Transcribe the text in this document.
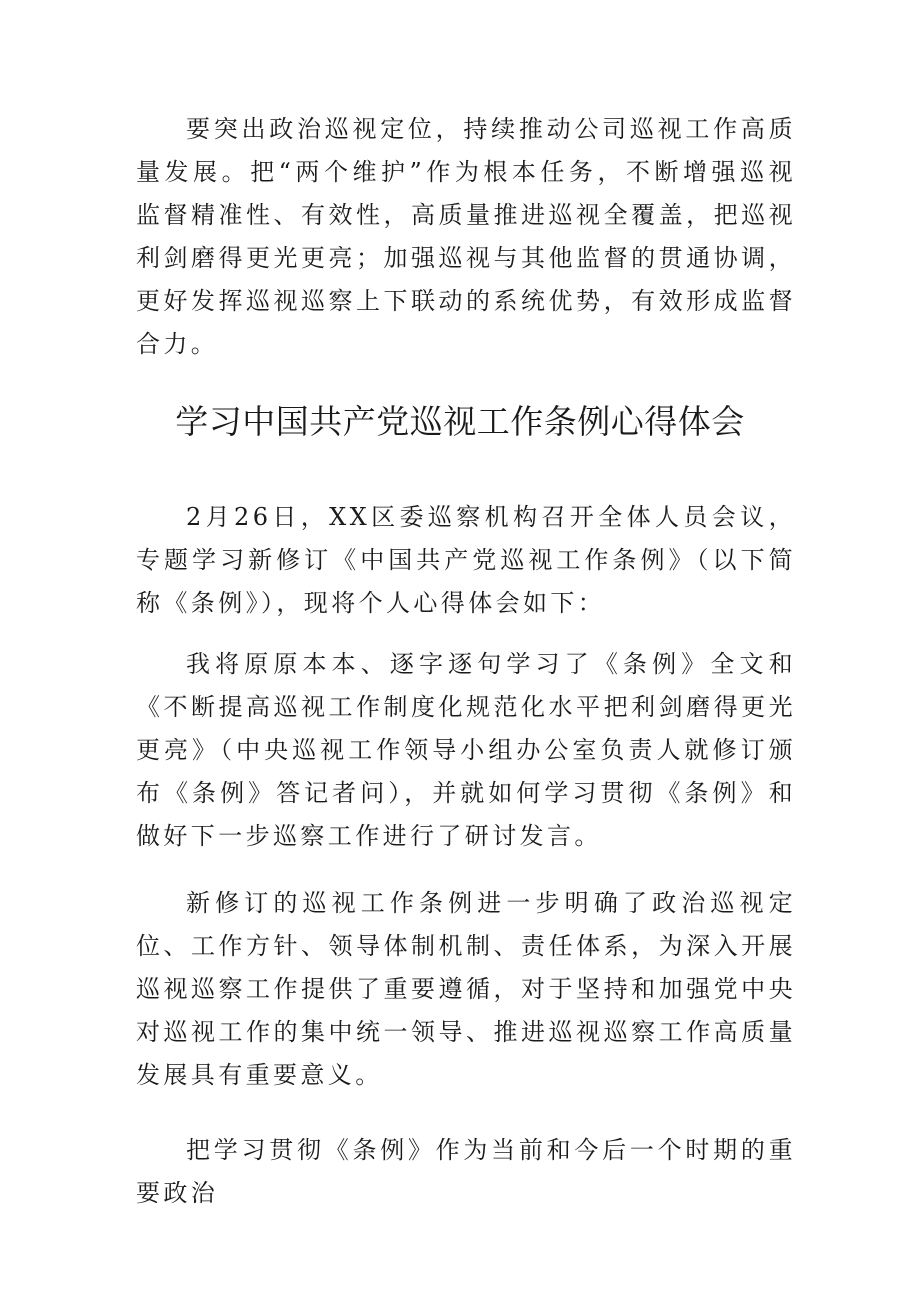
要突出政治巡视定位，持续推动公司巡视工作高质量发展。把“两个维护”作为根本任务，不断增强巡视监督精准性、有效性，高质量推进巡视全覆盖，把巡视利剑磨得更光更亮；加强巡视与其他监督的贯通协调，更好发挥巡视巡察上下联动的系统优势，有效形成监督合力。

学习中国共产党巡视工作条例心得体会

2月26日，XX区委巡察机构召开全体人员会议，专题学习新修订《中国共产党巡视工作条例》（以下简称《条例》），现将个人心得体会如下：

我将原原本本、逐字逐句学习了《条例》全文和《不断提高巡视工作制度化规范化水平把利剑磨得更光更亮》（中央巡视工作领导小组办公室负责人就修订颁布《条例》答记者问），并就如何学习贯彻《条例》和做好下一步巡察工作进行了研讨发言。

新修订的巡视工作条例进一步明确了政治巡视定位、工作方针、领导体制机制、责任体系，为深入开展巡视巡察工作提供了重要遵循，对于坚持和加强党中央对巡视工作的集中统一领导、推进巡视巡察工作高质量发展具有重要意义。

把学习贯彻《条例》作为当前和今后一个时期的重要政治
